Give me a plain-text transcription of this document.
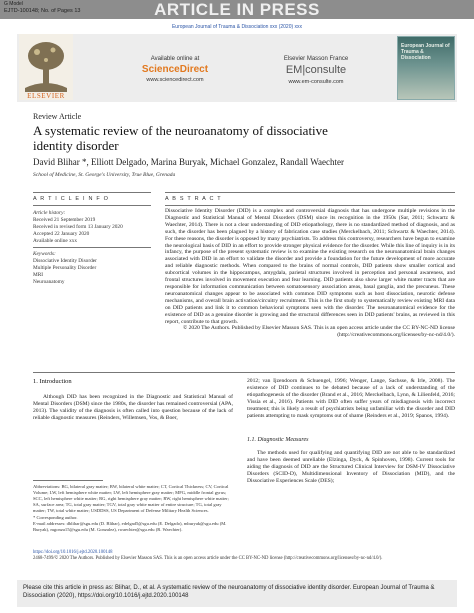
G Model
EJTD-100148; No. of Pages 13	ARTICLE IN PRESS
European Journal of Trauma & Dissociation xxx (2020) xxx
ELSEVIER
Available online at
ScienceDirect
www.sciencedirect.com
Elsevier Masson France
EM|consulte
www.em-consulte.com
European Journal of Trauma & Dissociation
Review Article
A systematic review of the neuroanatomy of dissociative identity disorder
David Blihar *, Elliott Delgado, Marina Buryak, Michael Gonzalez, Randall Waechter
School of Medicine, St. George's University, True Blue, Grenada
A R T I C L E I N F O	A B S T R A C T
Article history:
Received 21 September 2019
Received in revised form 13 January 2020
Accepted 22 January 2020
Available online xxx
Keywords:
Dissociative Identity Disorder
Multiple Personality Disorder
MRI
Neuroanatomy
Dissociative Identity Disorder (DID) is a complex and controversial diagnosis that has undergone multiple revisions in the Diagnostic and Statistical Manual of Mental Disorders (DSM) since its recognition in the 1950s (Sar, 2011; Schwartz & Waechter, 2014). There is not a clear understanding of DID etiopathology, there is no standardized method of diagnosis, and as such, the disorder has been plagued by a history of fabrication case studies (Merckelbach, 2011; Schwartz & Waechter, 2014). For these reasons, the disorder is opposed by many psychiatrists. To address this controversy, researchers have begun to examine the neurological basis of DID in an effort to provide stronger physical evidence for the disorder. While this line of inquiry is in its infancy, the purpose of the present systematic review is to examine the existing research on the neuroanatomical brain changes associated with DID in an effort to validate the disorder and provide a foundation for the future development of more accurate and reliable diagnostic methods. When compared to the brains of normal controls, DID patients show smaller cortical and subcortical volumes in the hippocampus, amygdala, parietal structures involved in perception and personal awareness, and frontal structures involved in movement execution and fear learning. DID patients also show larger white matter tracts that are responsible for information communication between somatosensory association areas, basal ganglia, and the precuneus. These neuroanatomical changes appear to be associated with common DID symptoms such as host dissociation, neurotic defense mechanisms, and overall brain activation/circuitry recruitment. This is the first study to systematically review existing MRI data on DID patients and link it to common behavioral symptoms seen with the disorder. The neuroanatomical evidence for the existence of DID as a genuine disorder is growing and the structural differences seen in DID patients' brains, as reviewed in this report, contribute to that growth.

© 2020 The Authors. Published by Elsevier Masson SAS. This is an open access article under the CC BY-NC-ND license (http://creativecommons.org/licenses/by-nc-nd/4.0/).
1. Introduction
Although DID has been recognized in the Diagnostic and Statistical Manual of Mental Disorders (DSM) since the 1980s, the disorder has remained controversial (APA, 2013). The validity of the diagnosis is often called into question because of the lack of reliable diagnostic measures (Reinders, Willemsen, Vos, & Boer,
2012; van Ijzendoorn & Schuengel, 1996; Wenger, Lange, Sachsse, & Irle, 2008). The existence of DID continues to be debated because of a lack of understanding of the etiopathogenesis of the disorder (Brand et al., 2016; Merckelbach, Lynn, & Lilienfeld, 2016; Vissia et al., 2016). Patients with DID often suffer years of misdiagnosis with incorrect treatment; this is likely a result of psychiatrists being unfamiliar with the disorder and DID patients attempting to mask symptoms out of shame (Reinders et al., 2019; Spanos, 1994).
1.1. Diagnostic Measures
The methods used for qualifying and quantifying DID are not able to be standardized and have been deemed unreliable (Elzinga, Dyck, & Spinhoven, 1998). Current tools for aiding the diagnosis of DID are the Structured Clinical Interview for DSM-IV Dissociative Disorders (SCID-D), Multidimensional Inventory of Dissociation (MID), and the Dissociative Experiences Scale (DES);
Abbreviations: BG, bilateral gray matter; BW, bilateral white matter; CT, Cortical Thickness; CV, Cortical Volume; LW, left hemisphere white matter; LW, left hemisphere gray matter; MFG, middle frontal gyrus; SCC, left hemisphere white matter; RG, right hemisphere gray matter; RW, right hemisphere white matter; SA, surface area; TG, total gray matter; TGV, total gray white matter of entire structure; TG, total gray matter; TW, total white matter; USDDSS, US Department of Defense Military Health Sciences.
* Corresponding author.
E-mail addresses: dblihar@sgu.edu (D. Blihar), edelgad5@sgu.edu (E. Delgado), mburyak@sgu.edu (M. Buryak), mgonza15@sgu.edu (M. Gonzalez), rwaechter@sgu.edu (R. Waechter).
https://doi.org/10.1016/j.ejtd.2020.100148
2468-7499/© 2020 The Authors. Published by Elsevier Masson SAS. This is an open access article under the CC BY-NC-ND license (http://creativecommons.org/licenses/by-nc-nd/4.0/).
Please cite this article in press as: Blihar, D., et al. A systematic review of the neuroanatomy of dissociative identity disorder. European Journal of Trauma & Dissociation (2020), https://doi.org/10.1016/j.ejtd.2020.100148
